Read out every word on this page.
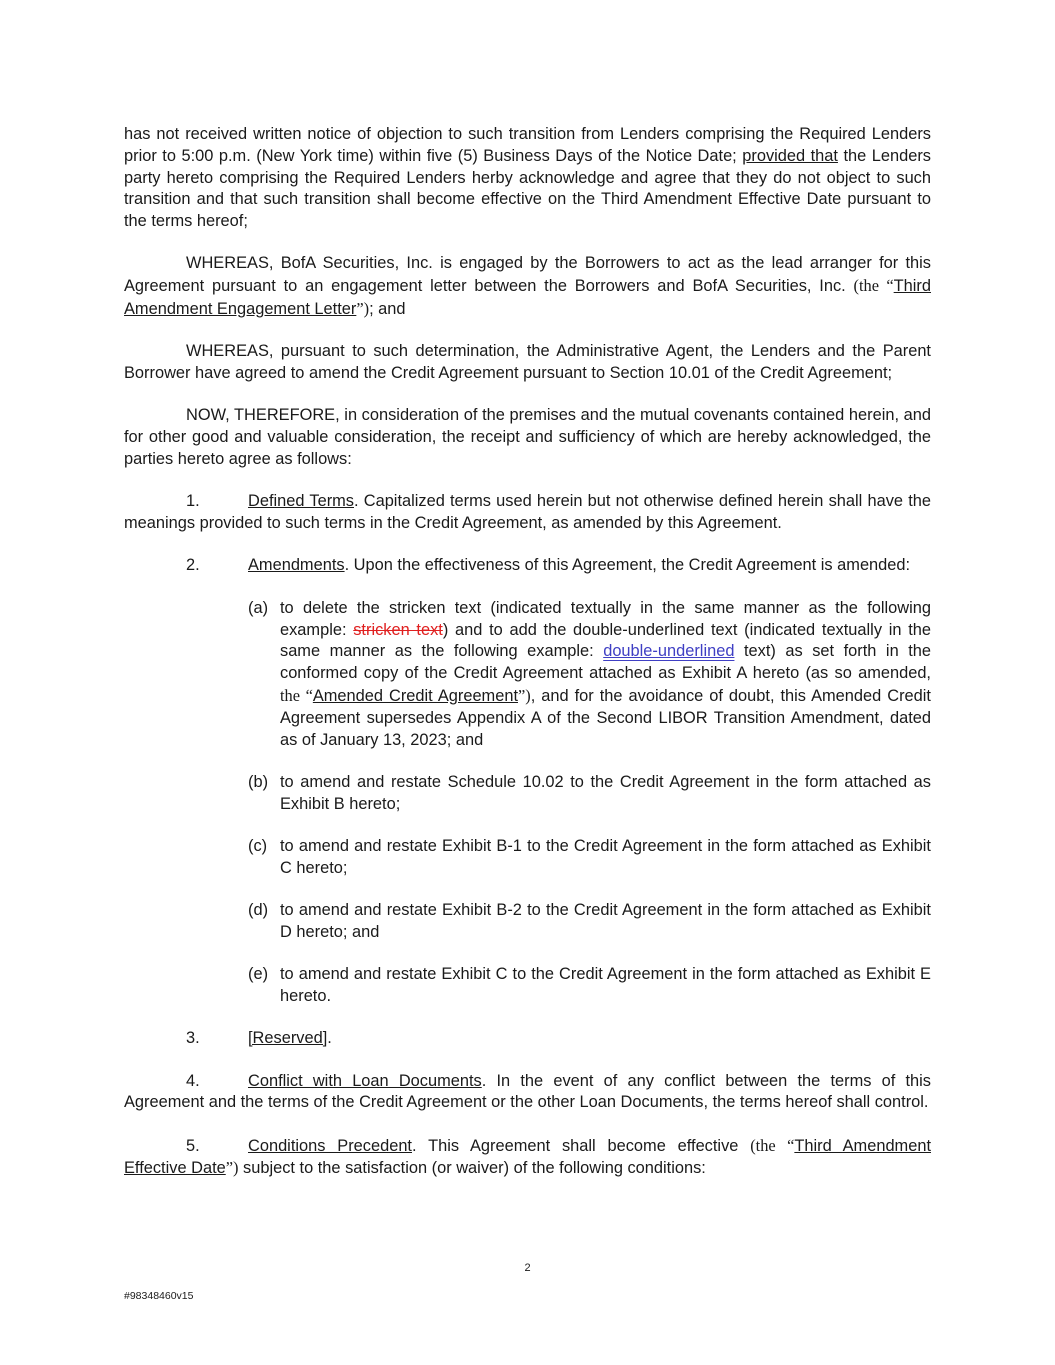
has not received written notice of objection to such transition from Lenders comprising the Required Lenders prior to 5:00 p.m. (New York time) within five (5) Business Days of the Notice Date; provided that the Lenders party hereto comprising the Required Lenders herby acknowledge and agree that they do not object to such transition and that such transition shall become effective on the Third Amendment Effective Date pursuant to the terms hereof;

WHEREAS, BofA Securities, Inc. is engaged by the Borrowers to act as the lead arranger for this Agreement pursuant to an engagement letter between the Borrowers and BofA Securities, Inc. (the “Third Amendment Engagement Letter”); and

WHEREAS, pursuant to such determination, the Administrative Agent, the Lenders and the Parent Borrower have agreed to amend the Credit Agreement pursuant to Section 10.01 of the Credit Agreement;

NOW, THEREFORE, in consideration of the premises and the mutual covenants contained herein, and for other good and valuable consideration, the receipt and sufficiency of which are hereby acknowledged, the parties hereto agree as follows:

1.	Defined Terms. Capitalized terms used herein but not otherwise defined herein shall have the meanings provided to such terms in the Credit Agreement, as amended by this Agreement.

2.	Amendments. Upon the effectiveness of this Agreement, the Credit Agreement is amended:

(a) to delete the stricken text (indicated textually in the same manner as the following example: stricken text) and to add the double-underlined text (indicated textually in the same manner as the following example: double-underlined text) as set forth in the conformed copy of the Credit Agreement attached as Exhibit A hereto (as so amended, the “Amended Credit Agreement”), and for the avoidance of doubt, this Amended Credit Agreement supersedes Appendix A of the Second LIBOR Transition Amendment, dated as of January 13, 2023; and
(b) to amend and restate Schedule 10.02 to the Credit Agreement in the form attached as Exhibit B hereto;
(c) to amend and restate Exhibit B-1 to the Credit Agreement in the form attached as Exhibit C hereto;
(d) to amend and restate Exhibit B-2 to the Credit Agreement in the form attached as Exhibit D hereto; and
(e) to amend and restate Exhibit C to the Credit Agreement in the form attached as Exhibit E hereto.

3.	[Reserved].

4.	Conflict with Loan Documents. In the event of any conflict between the terms of this Agreement and the terms of the Credit Agreement or the other Loan Documents, the terms hereof shall control.

5.	Conditions Precedent. This Agreement shall become effective (the “Third Amendment Effective Date”) subject to the satisfaction (or waiver) of the following conditions:

2
#98348460v15
